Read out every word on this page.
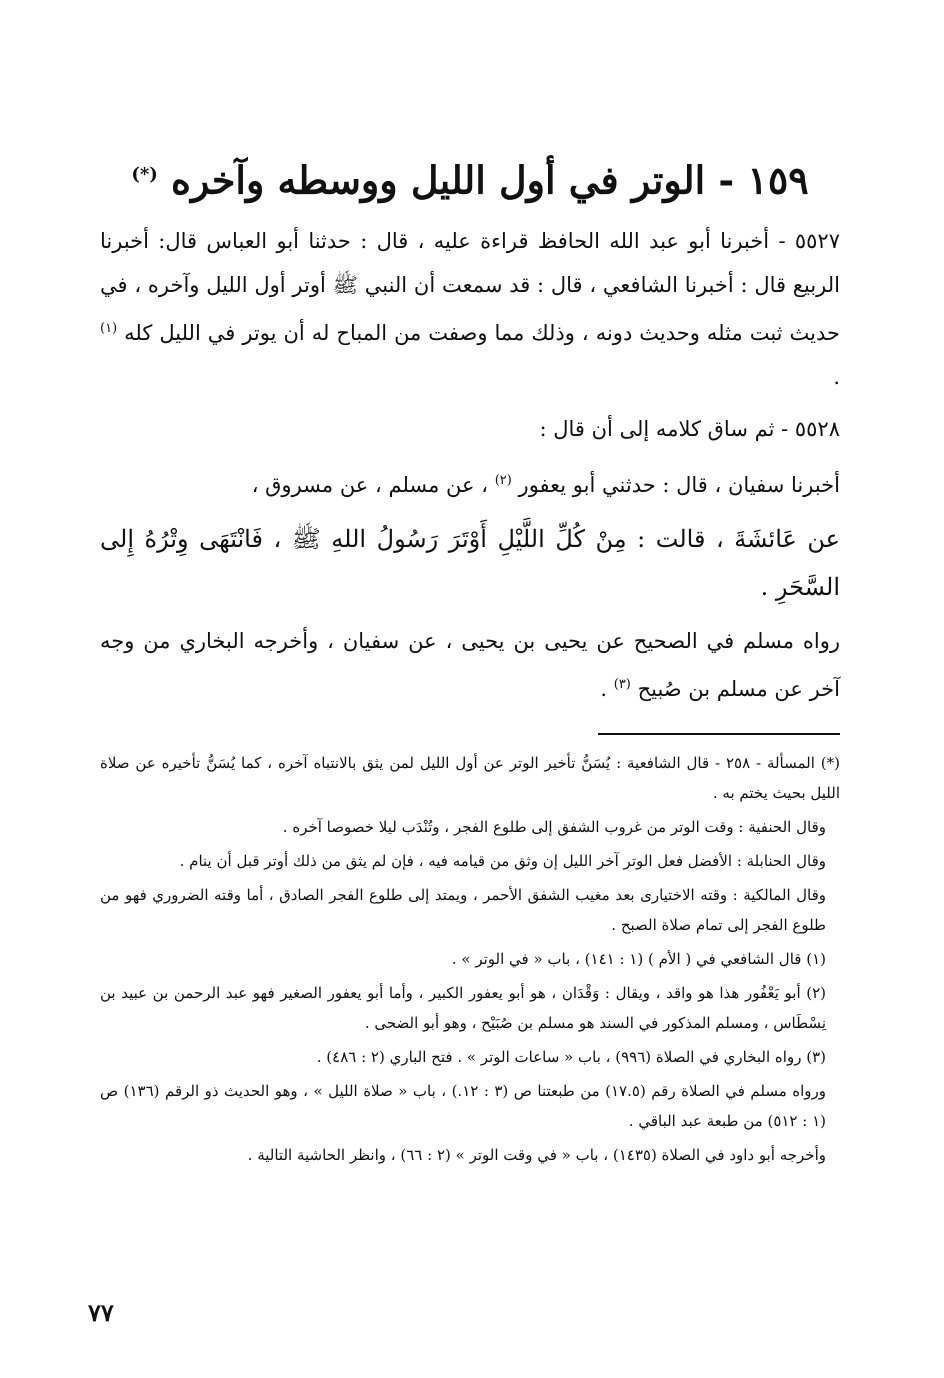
١٥٩ - الوتر في أول الليل ووسطه وآخره (*)

٥٥٢٧ - أخبرنا أبو عبد الله الحافظ قراءة عليه ، قال : حدثنا أبو العباس قال: أخبرنا الربيع قال : أخبرنا الشافعي ، قال : قد سمعت أن النبي ﷺ أوتر أول الليل وآخره ، في حديث ثبت مثله وحديث دونه ، وذلك مما وصفت من المباح له أن يوتر في الليل كله $^{(١)}$ .

٥٥٢٨ - ثم ساق كلامه إلى أن قال :

أخبرنا سفيان ، قال : حدثني أبو يعفور $^{(٢)}$ ، عن مسلم ، عن مسروق ،

عن عَائشَةَ ، قالت : مِنْ كُلِّ اللَّيْلِ أَوْتَرَ رَسُولُ اللهِ ﷺ ، فَانْتَهَى وِتْرُهُ إِلى السَّحَرِ .

رواه مسلم في الصحيح عن يحيى بن يحيى ، عن سفيان ، وأخرجه البخاري من وجه آخر عن مسلم بن صُبيح $^{(٣)}$ .

(*) المسألة - ٢٥٨ - قال الشافعية : يُسَنُّ تأخير الوتر عن أول الليل لمن يثق بالانتباه آخره ، كما يُسَنُّ تأخيره عن صلاة الليل بحيث يختم به .

وقال الحنفية : وقت الوتر من غروب الشفق إلى طلوع الفجر ، وتُنْدَب ليلا خصوصا آخره .

وقال الحنابلة : الأفضل فعل الوتر آخر الليل إن وثق من قيامه فيه ، فإن لم يثق من ذلك أوتر قبل أن ينام .

وقال المالكية : وقته الاختيارى بعد مغيب الشفق الأحمر ، ويمتد إلى طلوع الفجر الصادق ، أما وقته الضروري فهو من طلوع الفجر إلى تمام صلاة الصبح .

(١) قال الشافعي في ( الأم ) (١ : ١٤١) ، باب « في الوتر » .

(٢) أبو يَعْفُور هذا هو واقد ، ويقال : وَقْدَان ، هو أبو يعفور الكبير ، وأما أبو يعفور الصغير فهو عبد الرحمن بن عبيد بن نِسْطَاس ، ومسلم المذكور في السند هو مسلم بن صُبَيْح ، وهو أبو الضحى .

(٣) رواه البخاري في الصلاة (٩٩٦) ، باب « ساعات الوتر » . فتح الباري (٢ : ٤٨٦) .

ورواه مسلم في الصلاة رقم (١٧.٥) من طبعتنا ص (٣ : ١٢.) ، باب « صلاة الليل » ، وهو الحديث ذو الرقم (١٣٦) ص (١ : ٥١٢) من طبعة عبد الباقي .

وأخرجه أبو داود في الصلاة (١٤٣٥) ، باب « في وقت الوتر » (٢ : ٦٦) ، وانظر الحاشية التالية .

٧٧
